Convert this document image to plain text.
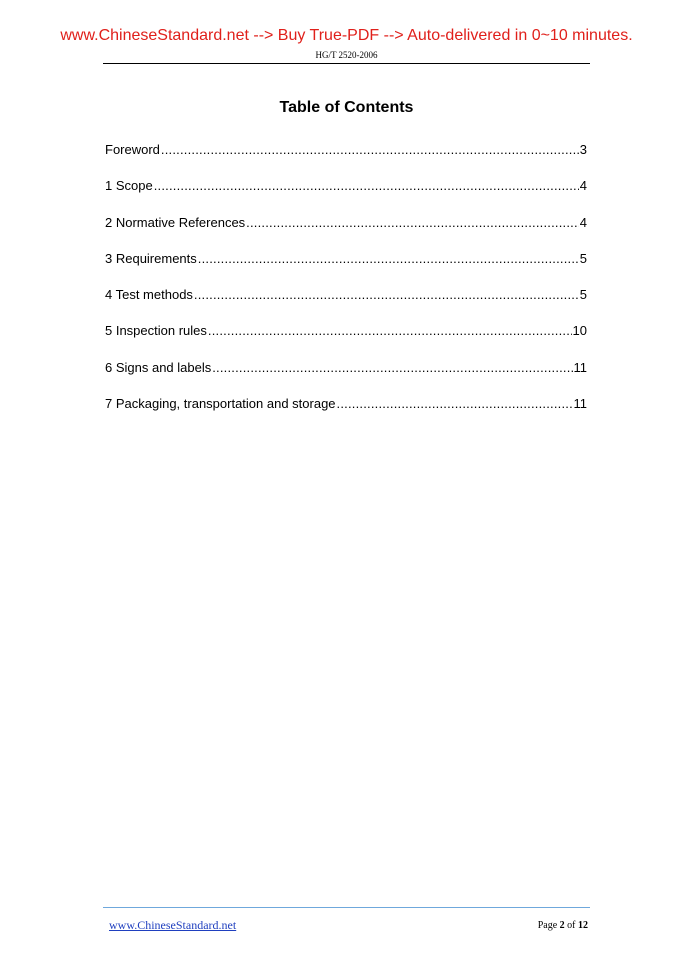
www.ChineseStandard.net --> Buy True-PDF --> Auto-delivered in 0~10 minutes.
HG/T 2520-2006
Table of Contents
Foreword .....	3
1 Scope .....	4
2 Normative References .....	4
3 Requirements .....	5
4 Test methods .....	5
5 Inspection rules .....	10
6 Signs and labels .....	11
7 Packaging, transportation and storage .....	11
www.ChineseStandard.net	Page 2 of 12
